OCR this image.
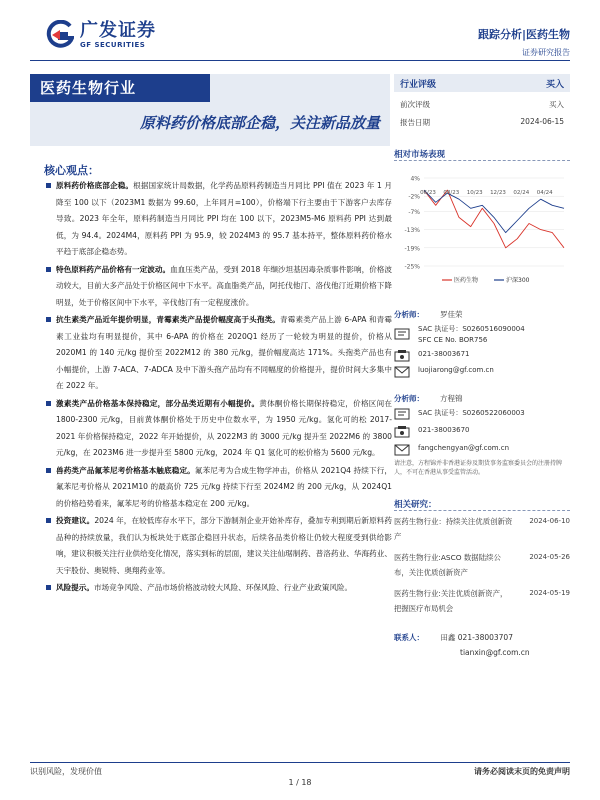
广发证券
GF SECURITIES
跟踪分析|医药生物
证券研究报告
医药生物行业
原料药价格底部企稳，关注新品放量
行业评级	买入
前次评级	买入
报告日期	2024-06-15
核心观点：

原料药价格底部企稳。根据国家统计局数据，化学药品原料药制造当月同比 PPI 值在 2023 年 1 月降至 100 以下（2023M1 数据为 99.60，上年同月=100），价格端下行主要由于下游客户去库存导致。2023 年全年，原料药制造当月同比 PPI 均在 100 以下，2023M5-M6 原料药 PPI 达到最低，为 94.4。2024M4，原料药 PPI 为 95.9，较 2024M3 的 95.7 基本持平，整体原料药价格水平趋于底部企稳态势。

特色原料药产品价格有一定波动。血血压类产品，受到 2018 年缬沙坦基因毒杂质事件影响，价格波动较大，目前大多产品处于价格区间中下水平。高血脂类产品，阿托伐他汀、洛伐他汀近期价格下降明显，处于价格区间中下水平，辛伐他汀有一定程度涨价。

抗生素类产品近年提价明显，青霉素类产品提价幅度高于头孢类。青霉素类产品上游 6-APA 和青霉素工业盐均有明显提价，其中 6-APA 的价格在 2020Q1 经历了一轮较为明显的提价，价格从 2020M1 的 140 元/kg 提价至 2022M12 的 380 元/kg，提价幅度高达 171%。头孢类产品也有小幅提价，上游 7-ACA、7-ADCA 及中下游头孢产品均有不同幅度的价格提升，提价时间大多集中在 2022 年。

激素类产品价格基本保持稳定，部分品类近期有小幅提价。黄体酮价格长期保持稳定，价格区间在 1800-2300 元/kg，目前黄体酮价格处于历史中位数水平，为 1950 元/kg。氢化可的松 2017-2021 年价格保持稳定，2022 年开始提价，从 2022M3 的 3000 元/kg 提升至 2022M6 的 3800 元/kg，在 2023M6 进一步提升至 5800 元/kg，2024 年 Q1 氢化可的松价格为 5600 元/kg。

兽药类产品氟苯尼考价格基本触底稳定。氟苯尼考为合成生物学冲击，价格从 2021Q4 持续下行，氟苯尼考价格从 2021M10 的最高价 725 元/kg 持续下行至 2024M2 的 200 元/kg，从 2024Q1 的价格趋势看来，氟苯尼考的价格基本稳定在 200 元/kg。

投资建议。2024 年，在较低库存水平下，部分下游制剂企业开始补库存，叠加专利到期后新原料药品种的持续放量，我们认为板块处于底部企稳回升状态，后续各品类价格让仍较大程度受到供给影响，建议积极关注行业供给变化情况，落实到标的层面，建议关注仙琚制药、普洛药业、华海药业、天宇股份、奥锐特、奥翔药业等。

风险提示。市场竞争风险、产品市场价格波动较大风险、环保风险、行业产业政策风险。

相对市场表现
4%
-2%
-7%
-13%
-19%
-25%
06/23 08/23 10/23 12/23 02/24 04/24
医药生物	沪深300
分析师：	罗佳荣
SAC 执证号：S0260516090004
SFC CE No. BOR756
021-38003671
luojiarong@gf.com.cn
分析师：	方程锦
SAC 执证号：S0260522060003
021-38003670
fangchengyan@gf.com.cn
请注意，方程锦并非香港证券及期货事务监察委员会的注册持牌人，不可在香港从事受监管活动。
相关研究：
医药生物行业：持续关注优质创新资产
2024-06-10
医药生物行业:ASCO 数据陆续公布，关注优质创新资产
2024-05-26
医药生物行业:关注优质创新资产，把握医疗布局机会
2024-05-19
联系人： 田鑫 021-38003707
tianxin@gf.com.cn
识别风险，发现价值	请务必阅读末页的免责声明
1 / 18
